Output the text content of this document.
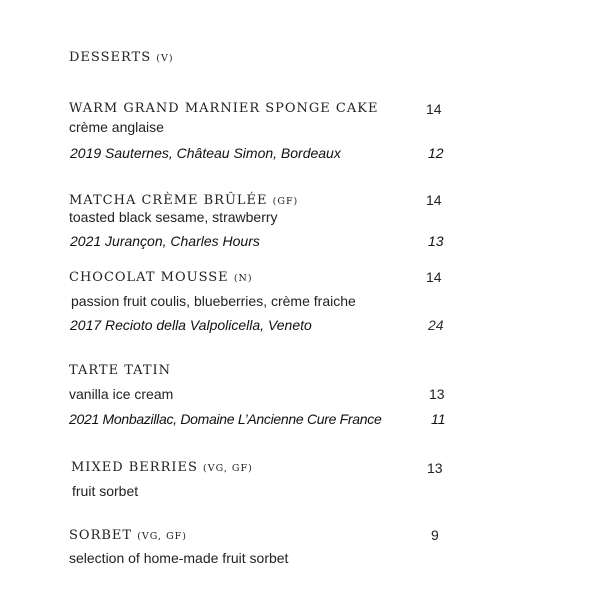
DESSERTS (V)
WARM GRAND MARNIER SPONGE CAKE	14
crème anglaise
2019 Sauternes, Château Simon, Bordeaux	12
MATCHA CRÈME BRÛLÉE (GF)	14
toasted black sesame, strawberry
2021 Jurançon, Charles Hours	13
CHOCOLAT MOUSSE (N)	14
passion fruit coulis, blueberries, crème fraiche
2017 Recioto della Valpolicella, Veneto	24
TARTE TATIN
vanilla ice cream	13
2021 Monbazillac, Domaine L’Ancienne Cure France	11
MIXED BERRIES (VG, GF)	13
fruit sorbet
SORBET (VG, GF)	9
selection of home-made fruit sorbet
